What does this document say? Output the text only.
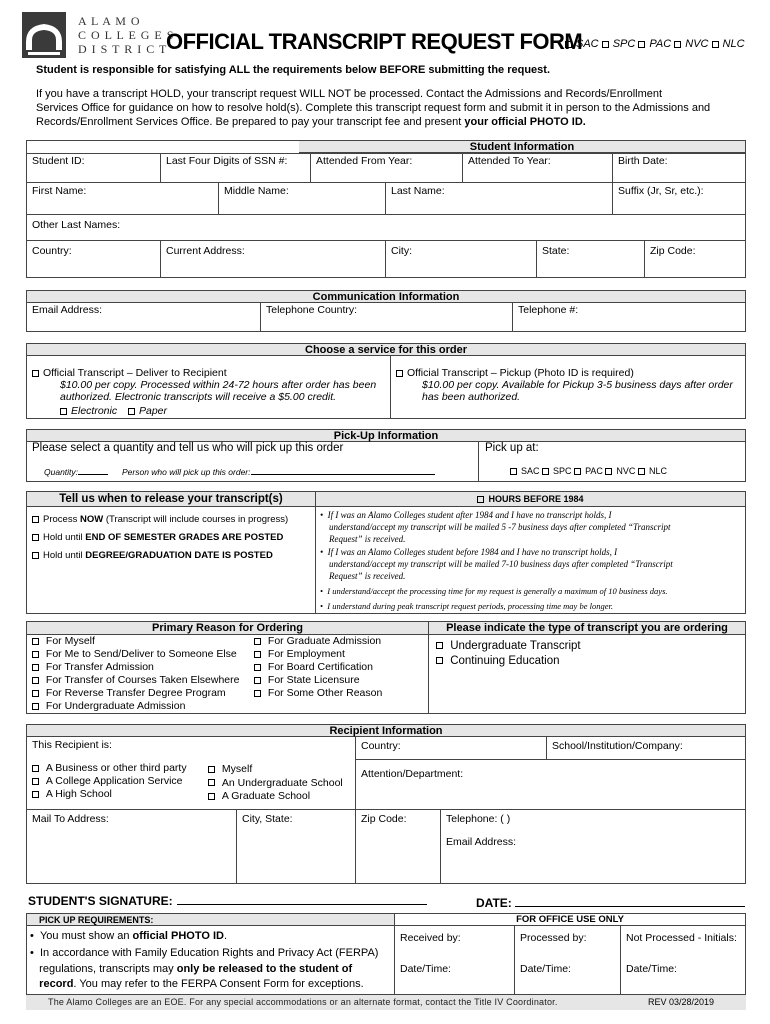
A L A M O
C O L L E G E S
D I S T R I C T
OFFICIAL TRANSCRIPT REQUEST FORM
SAC SPC PAC NVC NLC
Student is responsible for satisfying ALL the requirements below BEFORE submitting the request.
If you have a transcript HOLD, your transcript request WILL NOT be processed. Contact the Admissions and Records/Enrollment
Services Office for guidance on how to resolve hold(s). Complete this transcript request form and submit it in person to the Admissions and
Records/Enrollment Services Office. Be prepared to pay your transcript fee and present your official PHOTO ID.
Student Information
Student ID:	Last Four Digits of SSN #:	Attended From Year:	Attended To Year:	Birth Date:
First Name:	Middle Name:	Last Name:	Suffix (Jr, Sr, etc.):
Other Last Names:
Country:	Current Address:	City:	State:	Zip Code:
Communication Information
Email Address:	Telephone Country:	Telephone #:
Choose a service for this order
Official Transcript – Deliver to Recipient
$10.00 per copy. Processed within 24-72 hours after order has been
authorized. Electronic transcripts will receive a $5.00 credit.
Electronic	Paper
Official Transcript – Pickup (Photo ID is required)
$10.00 per copy. Available for Pickup 3-5 business days after order
has been authorized.
Pick-Up Information
Please select a quantity and tell us who will pick up this order
Quantity:	Person who will pick up this order:
Pick up at:
SAC SPC PAC NVC NLC
Tell us when to release your transcript(s)	HOURS BEFORE 1984
Process NOW (Transcript will include courses in progress)
Hold until END OF SEMESTER GRADES ARE POSTED
Hold until DEGREE/GRADUATION DATE IS POSTED
•  If I was an Alamo Colleges student after 1984 and I have no transcript holds, I
understand/accept my transcript will be mailed 5 -7 business days after completed “Transcript
Request” is received.
•  If I was an Alamo Colleges student before 1984 and I have no transcript holds, I
understand/accept my transcript will be mailed 7-10 business days after completed “Transcript
Request” is received.
•  I understand/accept the processing time for my request is generally a maximum of 10 business days.
•  I understand during peak transcript request periods, processing time may be longer.
Primary Reason for Ordering	Please indicate the type of transcript you are ordering
For Myself
For Me to Send/Deliver to Someone Else
For Transfer Admission
For Transfer of Courses Taken Elsewhere
For Reverse Transfer Degree Program
For Undergraduate Admission
For Graduate Admission
For Employment
For Board Certification
For State Licensure
For Some Other Reason
Undergraduate Transcript
Continuing Education
Recipient Information
This Recipient is:
A Business or other third party
A College Application Service
A High School
Myself
An Undergraduate School
A Graduate School
Country:	School/Institution/Company:
Attention/Department:
Mail To Address:	City, State:	Zip Code:	Telephone: ( )
Email Address:
STUDENT'S SIGNATURE:	DATE:
PICK UP REQUIREMENTS:	FOR OFFICE USE ONLY
•  You must show an official PHOTO ID.
•  In accordance with Family Education Rights and Privacy Act (FERPA)
regulations, transcripts may only be released to the student of
record. You may refer to the FERPA Consent Form for exceptions.
Received by:	Processed by:	Not Processed - Initials:
Date/Time:	Date/Time:	Date/Time:
The Alamo Colleges are an EOE. For any special accommodations or an alternate format, contact the Title IV Coordinator.	REV 03/28/2019
